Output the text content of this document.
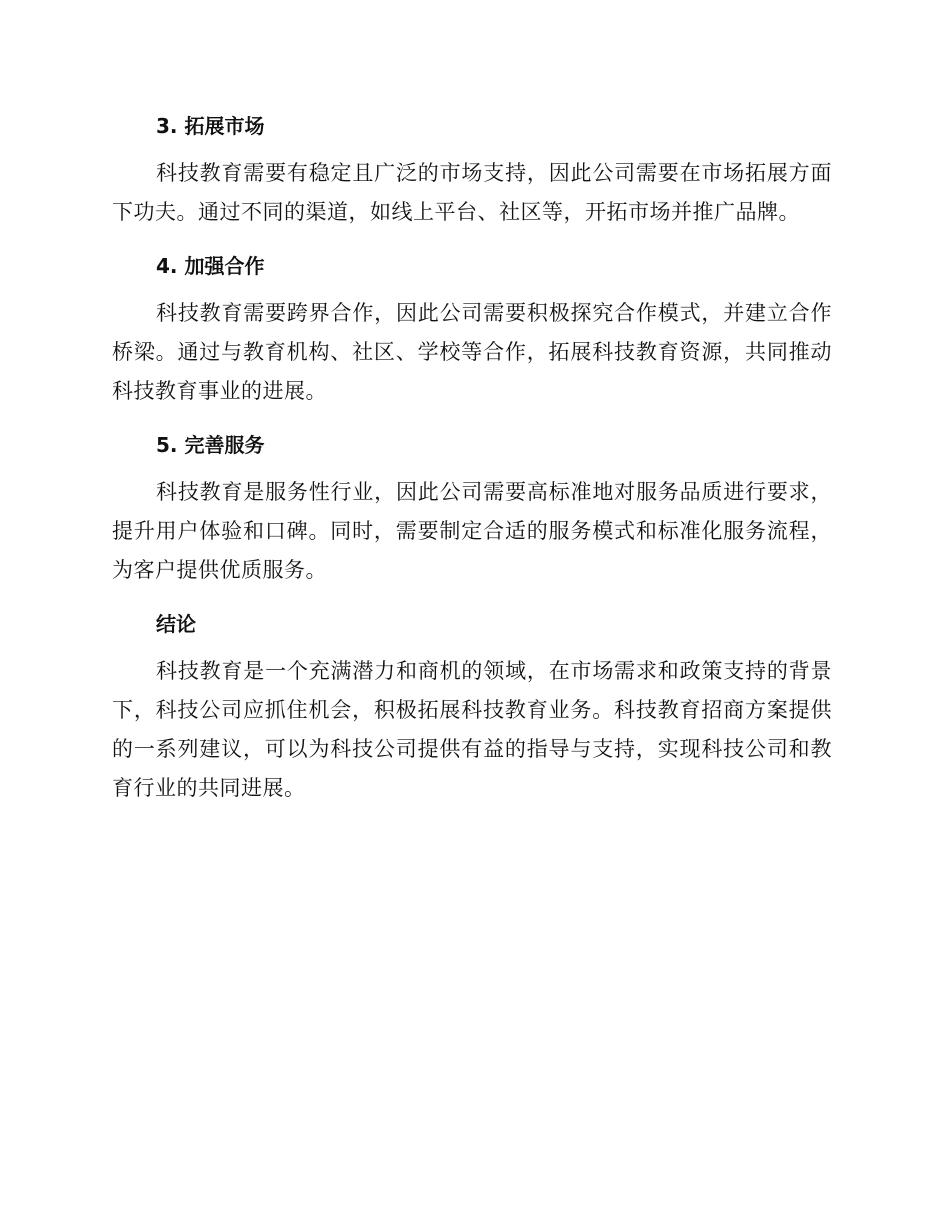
3. 拓展市场

科技教育需要有稳定且广泛的市场支持，因此公司需要在市场拓展方面下功夫。通过不同的渠道，如线上平台、社区等，开拓市场并推广品牌。

4. 加强合作

科技教育需要跨界合作，因此公司需要积极探究合作模式，并建立合作桥梁。通过与教育机构、社区、学校等合作，拓展科技教育资源，共同推动科技教育事业的进展。

5. 完善服务

科技教育是服务性行业，因此公司需要高标准地对服务品质进行要求，提升用户体验和口碑。同时，需要制定合适的服务模式和标准化服务流程，为客户提供优质服务。

结论

科技教育是一个充满潜力和商机的领域，在市场需求和政策支持的背景下，科技公司应抓住机会，积极拓展科技教育业务。科技教育招商方案提供的一系列建议，可以为科技公司提供有益的指导与支持，实现科技公司和教育行业的共同进展。
